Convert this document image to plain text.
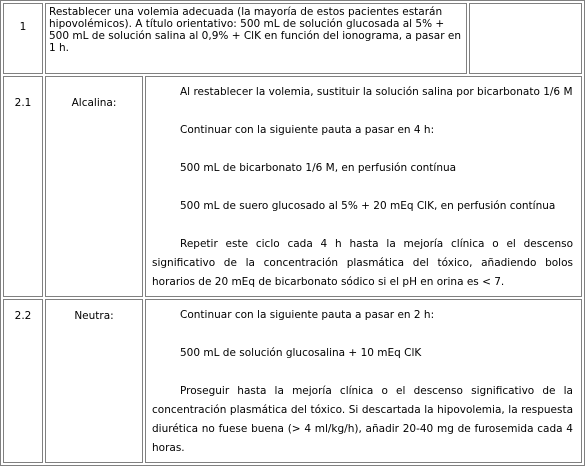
1	Restablecer una volemia adecuada (la mayoría de estos pacientes estarán hipovolémicos). A título orientativo: 500 mL de solución glucosada al 5% + 500 mL de solución salina al 0,9% + ClK en función del ionograma, a pasar en 1 h.		
2.1	Alcalina:	Al restablecer la volemia, sustituir la solución salina por bicarbonato 1/6 M

Continuar con la siguiente pauta a pasar en 4 h:

500 mL de bicarbonato 1/6 M, en perfusión contínua

500 mL de suero glucosado al 5% + 20 mEq ClK, en perfusión contínua

Repetir este ciclo cada 4 h hasta la mejoría clínica o el descenso significativo de la concentración plasmática del tóxico, añadiendo bolos horarios de 20 mEq de bicarbonato sódico si el pH en orina es < 7.	

2.2	Neutra:	Continuar con la siguiente pauta a pasar en 2 h:

500 mL de solución glucosalina + 10 mEq ClK

Proseguir hasta la mejoría clínica o el descenso significativo de la concentración plasmática del tóxico. Si descartada la hipovolemia, la respuesta diurética no fuese buena (> 4 ml/kg/h), añadir 20-40 mg de furosemida cada 4 horas.	
